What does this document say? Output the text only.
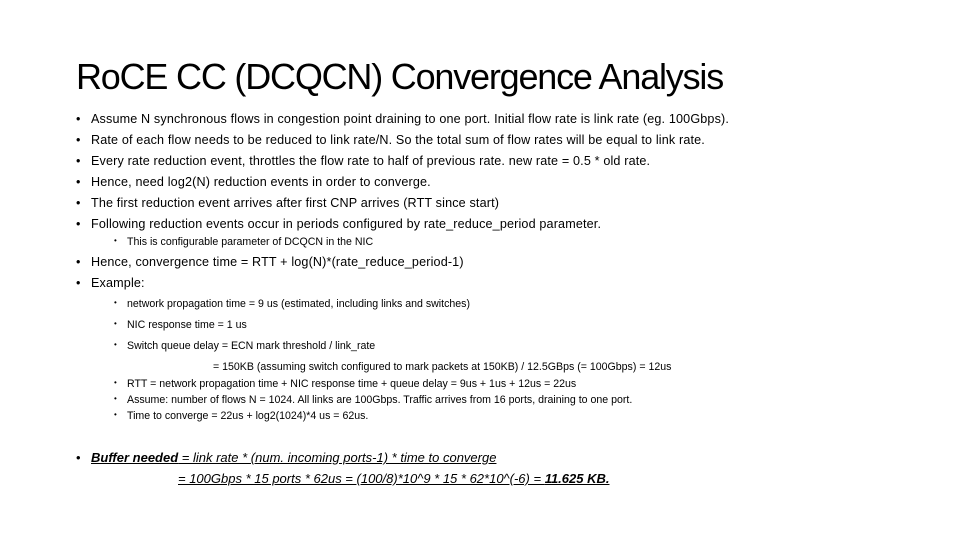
RoCE CC (DCQCN) Convergence Analysis
• Assume N synchronous flows in congestion point draining to one port. Initial flow rate is link rate (eg. 100Gbps).
• Rate of each flow needs to be reduced to link rate/N. So the total sum of flow rates will be equal to link rate.
• Every rate reduction event, throttles the flow rate to half of previous rate. new rate = 0.5 * old rate.
• Hence, need log2(N) reduction events in order to converge.
• The first reduction event arrives after first CNP arrives (RTT since start)
• Following reduction events occur in periods configured by rate_reduce_period parameter.
• This is configurable parameter of DCQCN in the NIC
• Hence, convergence time = RTT + log(N)*(rate_reduce_period-1)
• Example:
• network propagation time = 9 us (estimated, including links and switches)
• NIC response time = 1 us
• Switch queue delay = ECN mark threshold / link_rate
= 150KB (assuming switch configured to mark packets at 150KB) / 12.5GBps (= 100Gbps) = 12us
• RTT = network propagation time + NIC response time + queue delay = 9us + 1us + 12us = 22us
• Assume: number of flows N = 1024. All links are 100Gbps. Traffic arrives from 16 ports, draining to one port.
• Time to converge = 22us + log2(1024)*4 us = 62us.
• Buffer needed = link rate * (num. incoming ports-1) * time to converge
= 100Gbps * 15 ports * 62us = (100/8)*10^9 * 15 * 62*10^(-6) = 11.625 KB.
